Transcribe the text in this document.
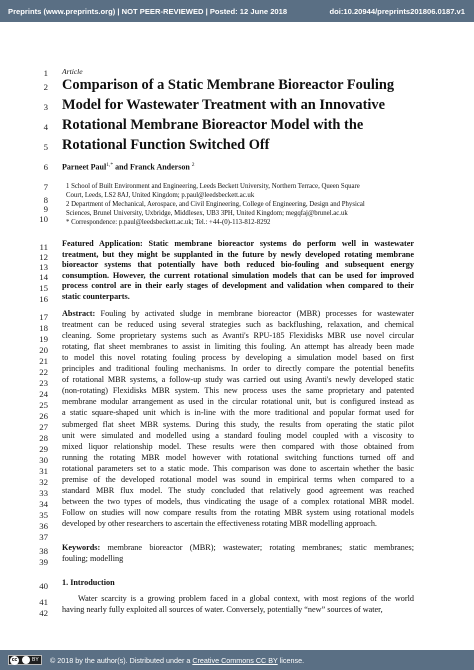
Preprints (www.preprints.org) | NOT PEER-REVIEWED | Posted: 12 June 2018	doi:10.20944/preprints201806.0187.v1
1
2
3
4
5
6
7
8
9
10
11
12
13
14
15
16
17
18
19
20
21
22
23
24
25
26
27
28
29
30
31
32
33
34
35
36
37
38
39
40
41
42
Article
Comparison of a Static Membrane Bioreactor Fouling
Model for Wastewater Treatment with an Innovative
Rotational Membrane Bioreactor Model with the
Rotational Function Switched Off
Parneet Paul$^{1,*}$ and Franck Anderson $^2$
1 School of Built Environment and Engineering, Leeds Beckett University, Northern Terrace, Queen Square
Court, Leeds, LS2 8AJ, United Kingdom; p.paul@leedsbeckett.ac.uk
2 Department of Mechanical, Aerospace, and Civil Engineering, College of Engineering, Design and Physical
Sciences, Brunel University, Uxbridge, Middlesex, UB3 3PH, United Kingdom; megqfaj@brunel.ac.uk
* Correspondence: p.paul@leedsbeckett.ac.uk; Tel.: +44-(0)-113-812-8292
Featured Application: Static membrane bioreactor systems do perform well in wastewater
treatment, but they might be supplanted in the future by newly developed rotating membrane
bioreactor systems that potentially have both reduced bio-fouling and subsequent energy
consumption. However, the current rotational simulation models that can be used for improved
process control are in their early stages of development and validation when compared to their
static counterparts.
Abstract: Fouling by activated sludge in membrane bioreactor (MBR) processes for wastewater
treatment can be reduced using several strategies such as backflushing, relaxation, and chemical
cleaning. Some proprietary systems such as Avanti's RPU-185 Flexidisks MBR use novel circular
rotating, flat sheet membranes to assist in limiting this fouling. An attempt has already been made
to model this novel rotating fouling process by developing a simulation model based on first
principles and traditional fouling mechanisms. In order to directly compare the potential benefits
of rotational MBR systems, a follow-up study was carried out using Avanti's newly developed static
(non-rotating) Flexidisks MBR system. This new process uses the same proprietary and patented
membrane modular arrangement as used in the circular rotational unit, but is configured instead as
a static square-shaped unit which is in-line with the more traditional and popular format used for
submerged flat sheet MBR systems. During this study, the results from operating the static pilot
unit were simulated and modelled using a standard fouling model coupled with a viscosity to
mixed liquor relationship model. These results were then compared with those obtained from
running the rotating MBR model however with rotational switching functions turned off and
rotational parameters set to a static mode. This comparison was done to ascertain whether the basic
premise of the developed rotational model was sound in empirical terms when compared to a
standard MBR flux model. The study concluded that relatively good agreement was reached
between the two types of models, thus vindicating the usage of a complex rotational MBR model.
Follow on studies will now compare results from the rotating MBR system using rotational models
developed by other researchers to ascertain the effectiveness rotating MBR modelling approach.
Keywords: membrane bioreactor (MBR); wastewater; rotating membranes; static membranes;
fouling; modelling
1. Introduction
Water scarcity is a growing problem faced in a global context, with most regions of the world
having nearly fully exploited all sources of water. Conversely, potentially “new” sources of water,
cc	BY © 2018 by the author(s). Distributed under a Creative Commons CC BY license.
